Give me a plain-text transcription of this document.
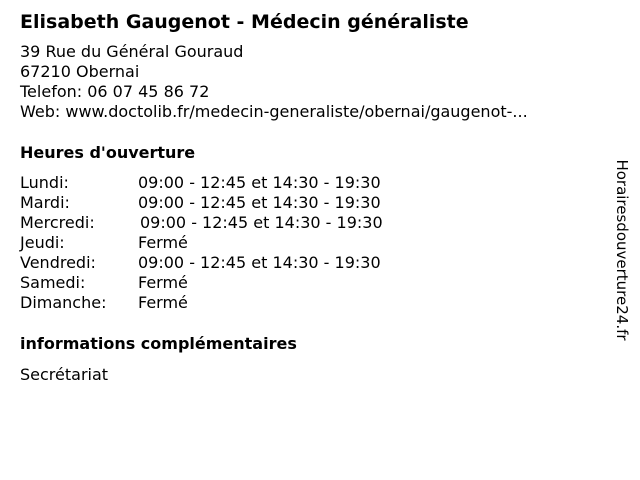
Elisabeth Gaugenot - Médecin généraliste
39 Rue du Général Gouraud
67210 Obernai
Telefon: 06 07 45 86 72
Web: www.doctolib.fr/medecin-generaliste/obernai/gaugenot-...
Heures d'ouverture
Lundi:	09:00 - 12:45 et 14:30 - 19:30
Mardi:	09:00 - 12:45 et 14:30 - 19:30
Mercredi:	09:00 - 12:45 et 14:30 - 19:30
Jeudi:	Fermé
Vendredi:	09:00 - 12:45 et 14:30 - 19:30
Samedi:	Fermé
Dimanche:	Fermé
informations complémentaires
Secrétariat
Horairesdouverture24.fr
